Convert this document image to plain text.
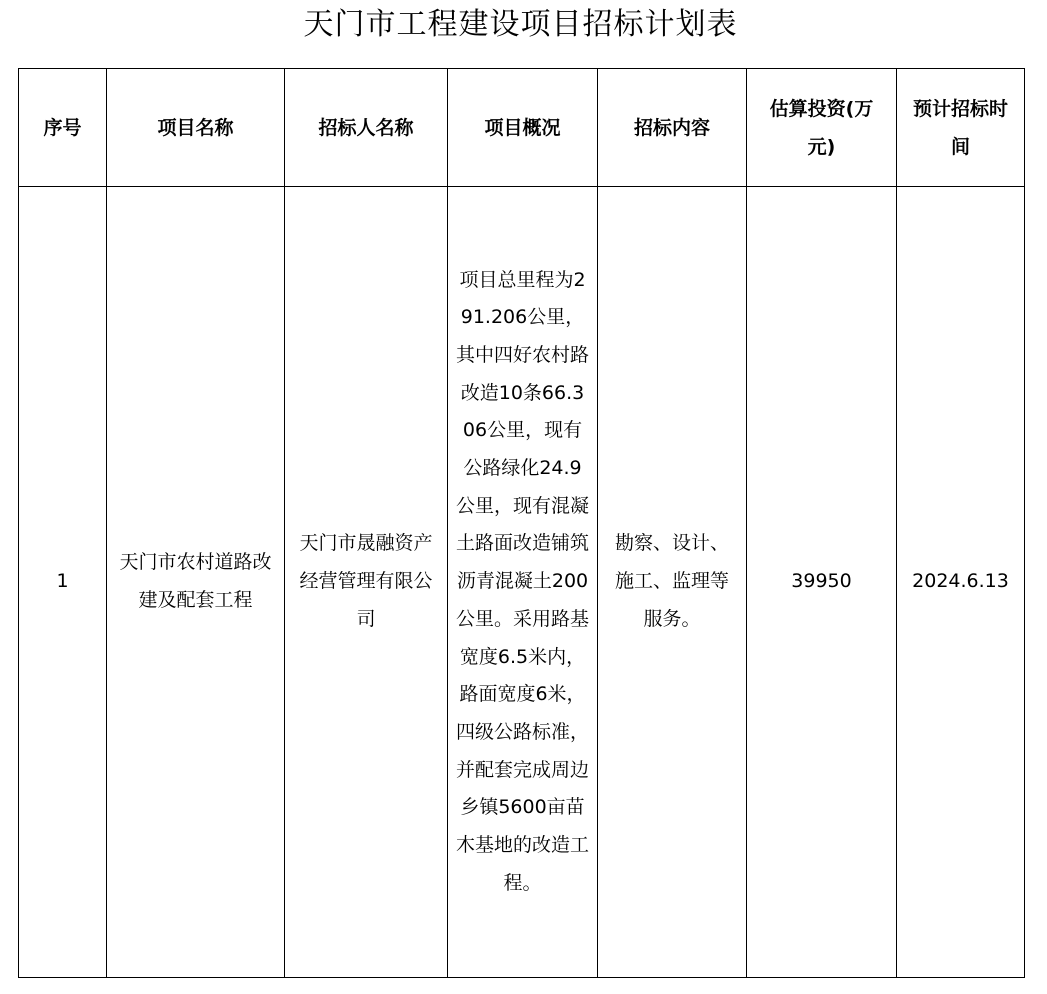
天门市工程建设项目招标计划表
序号	项目名称	招标人名称	项目概况	招标内容	估算投资(万元)	预计招标时间
1	天门市农村道路改建及配套工程	天门市晟融资产经营管理有限公司	项目总里程为291.206公里，其中四好农村路改造10条66.306公里，现有公路绿化24.9公里，现有混凝土路面改造铺筑沥青混凝土200公里。采用路基宽度6.5米内，路面宽度6米，四级公路标准，并配套完成周边乡镇5600亩苗木基地的改造工程。	勘察、设计、施工、监理等服务。	39950	2024.6.13
